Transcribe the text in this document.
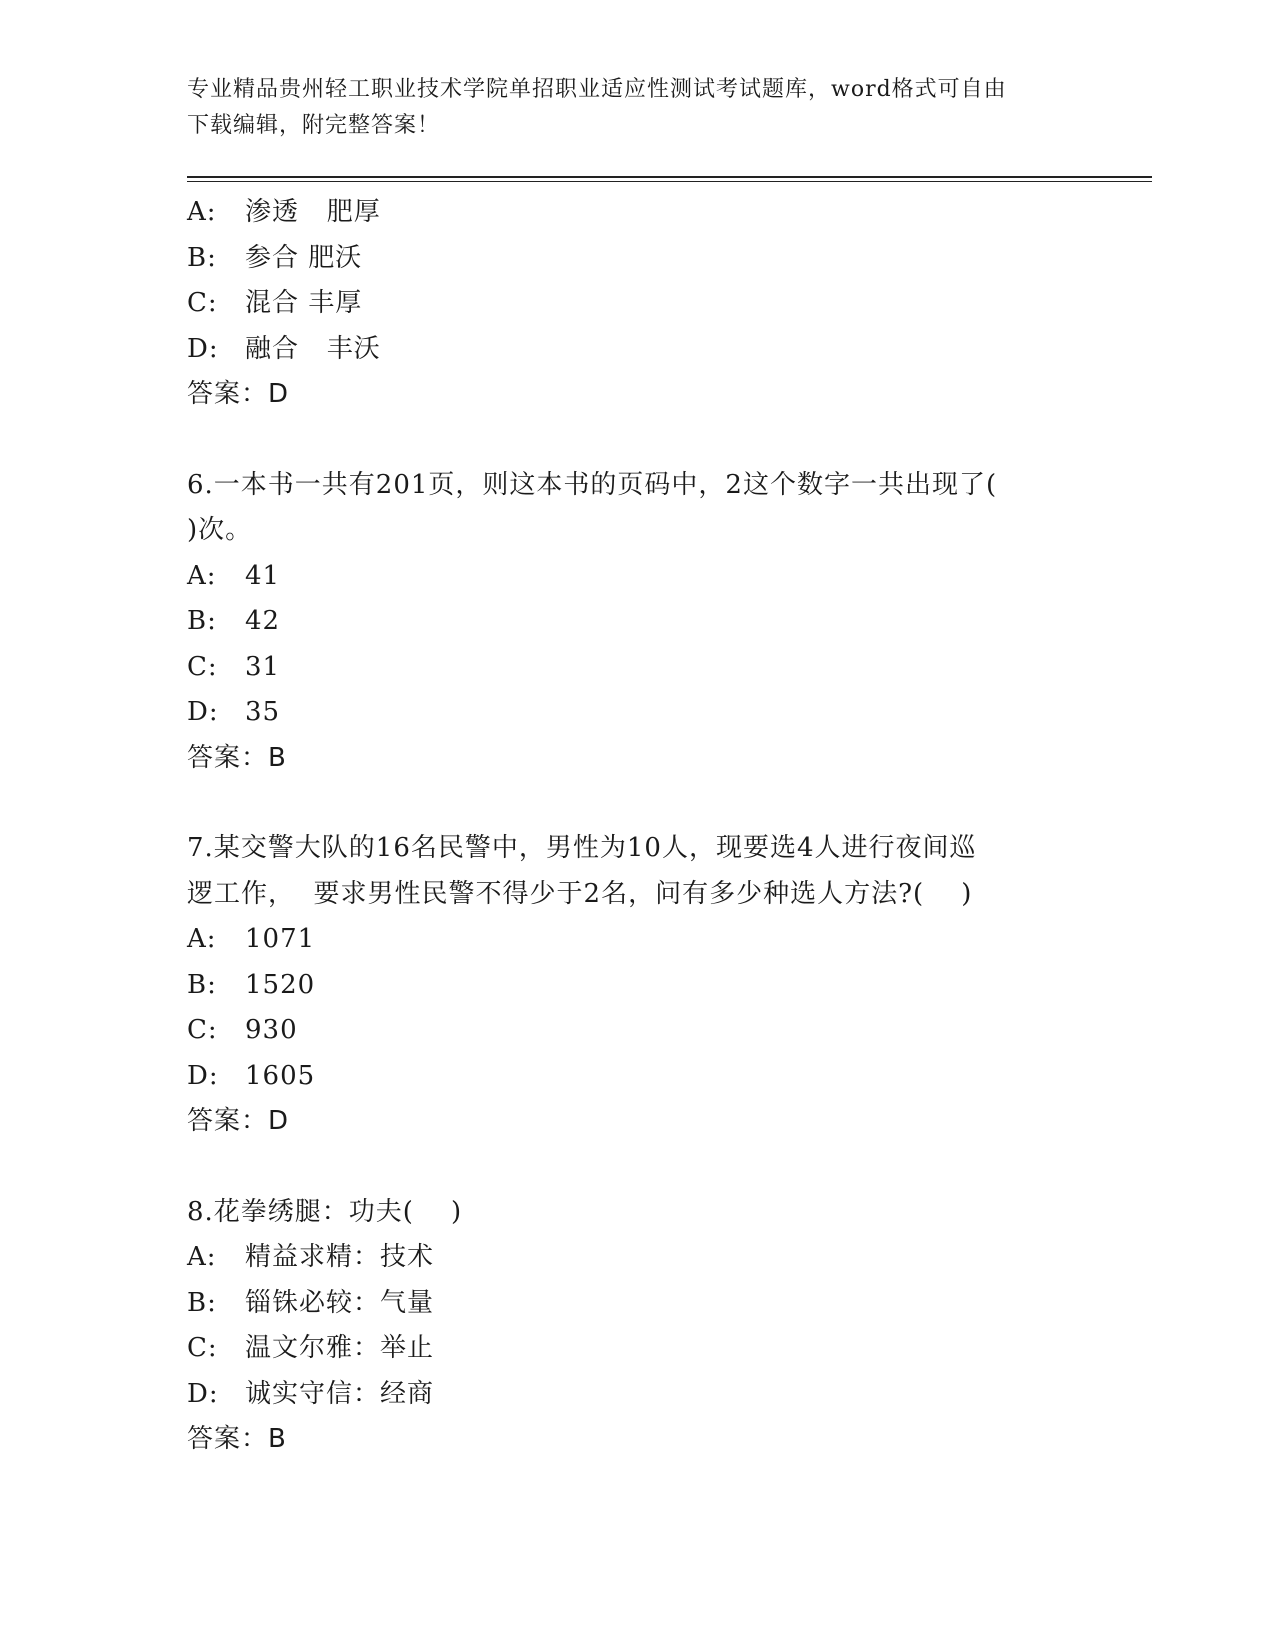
专业精品贵州轻工职业技术学院单招职业适应性测试考试题库，word格式可自由
下载编辑，附完整答案！
A: 渗透   肥厚
B: 参合 肥沃
C: 混合 丰厚
D: 融合   丰沃
答案：D
6.一本书一共有201页，则这本书的页码中，2这个数字一共出现了(
)次。
A: 41
B: 42
C: 31
D: 35
答案：B
7.某交警大队的16名民警中，男性为10人，现要选4人进行夜间巡
逻工作，  要求男性民警不得少于2名，问有多少种选人方法?(    )
A: 1071
B: 1520
C: 930
D: 1605
答案：D
8.花拳绣腿：功夫(    )
A: 精益求精：技术
B: 锱铢必较：气量
C: 温文尔雅：举止
D: 诚实守信：经商
答案：B
